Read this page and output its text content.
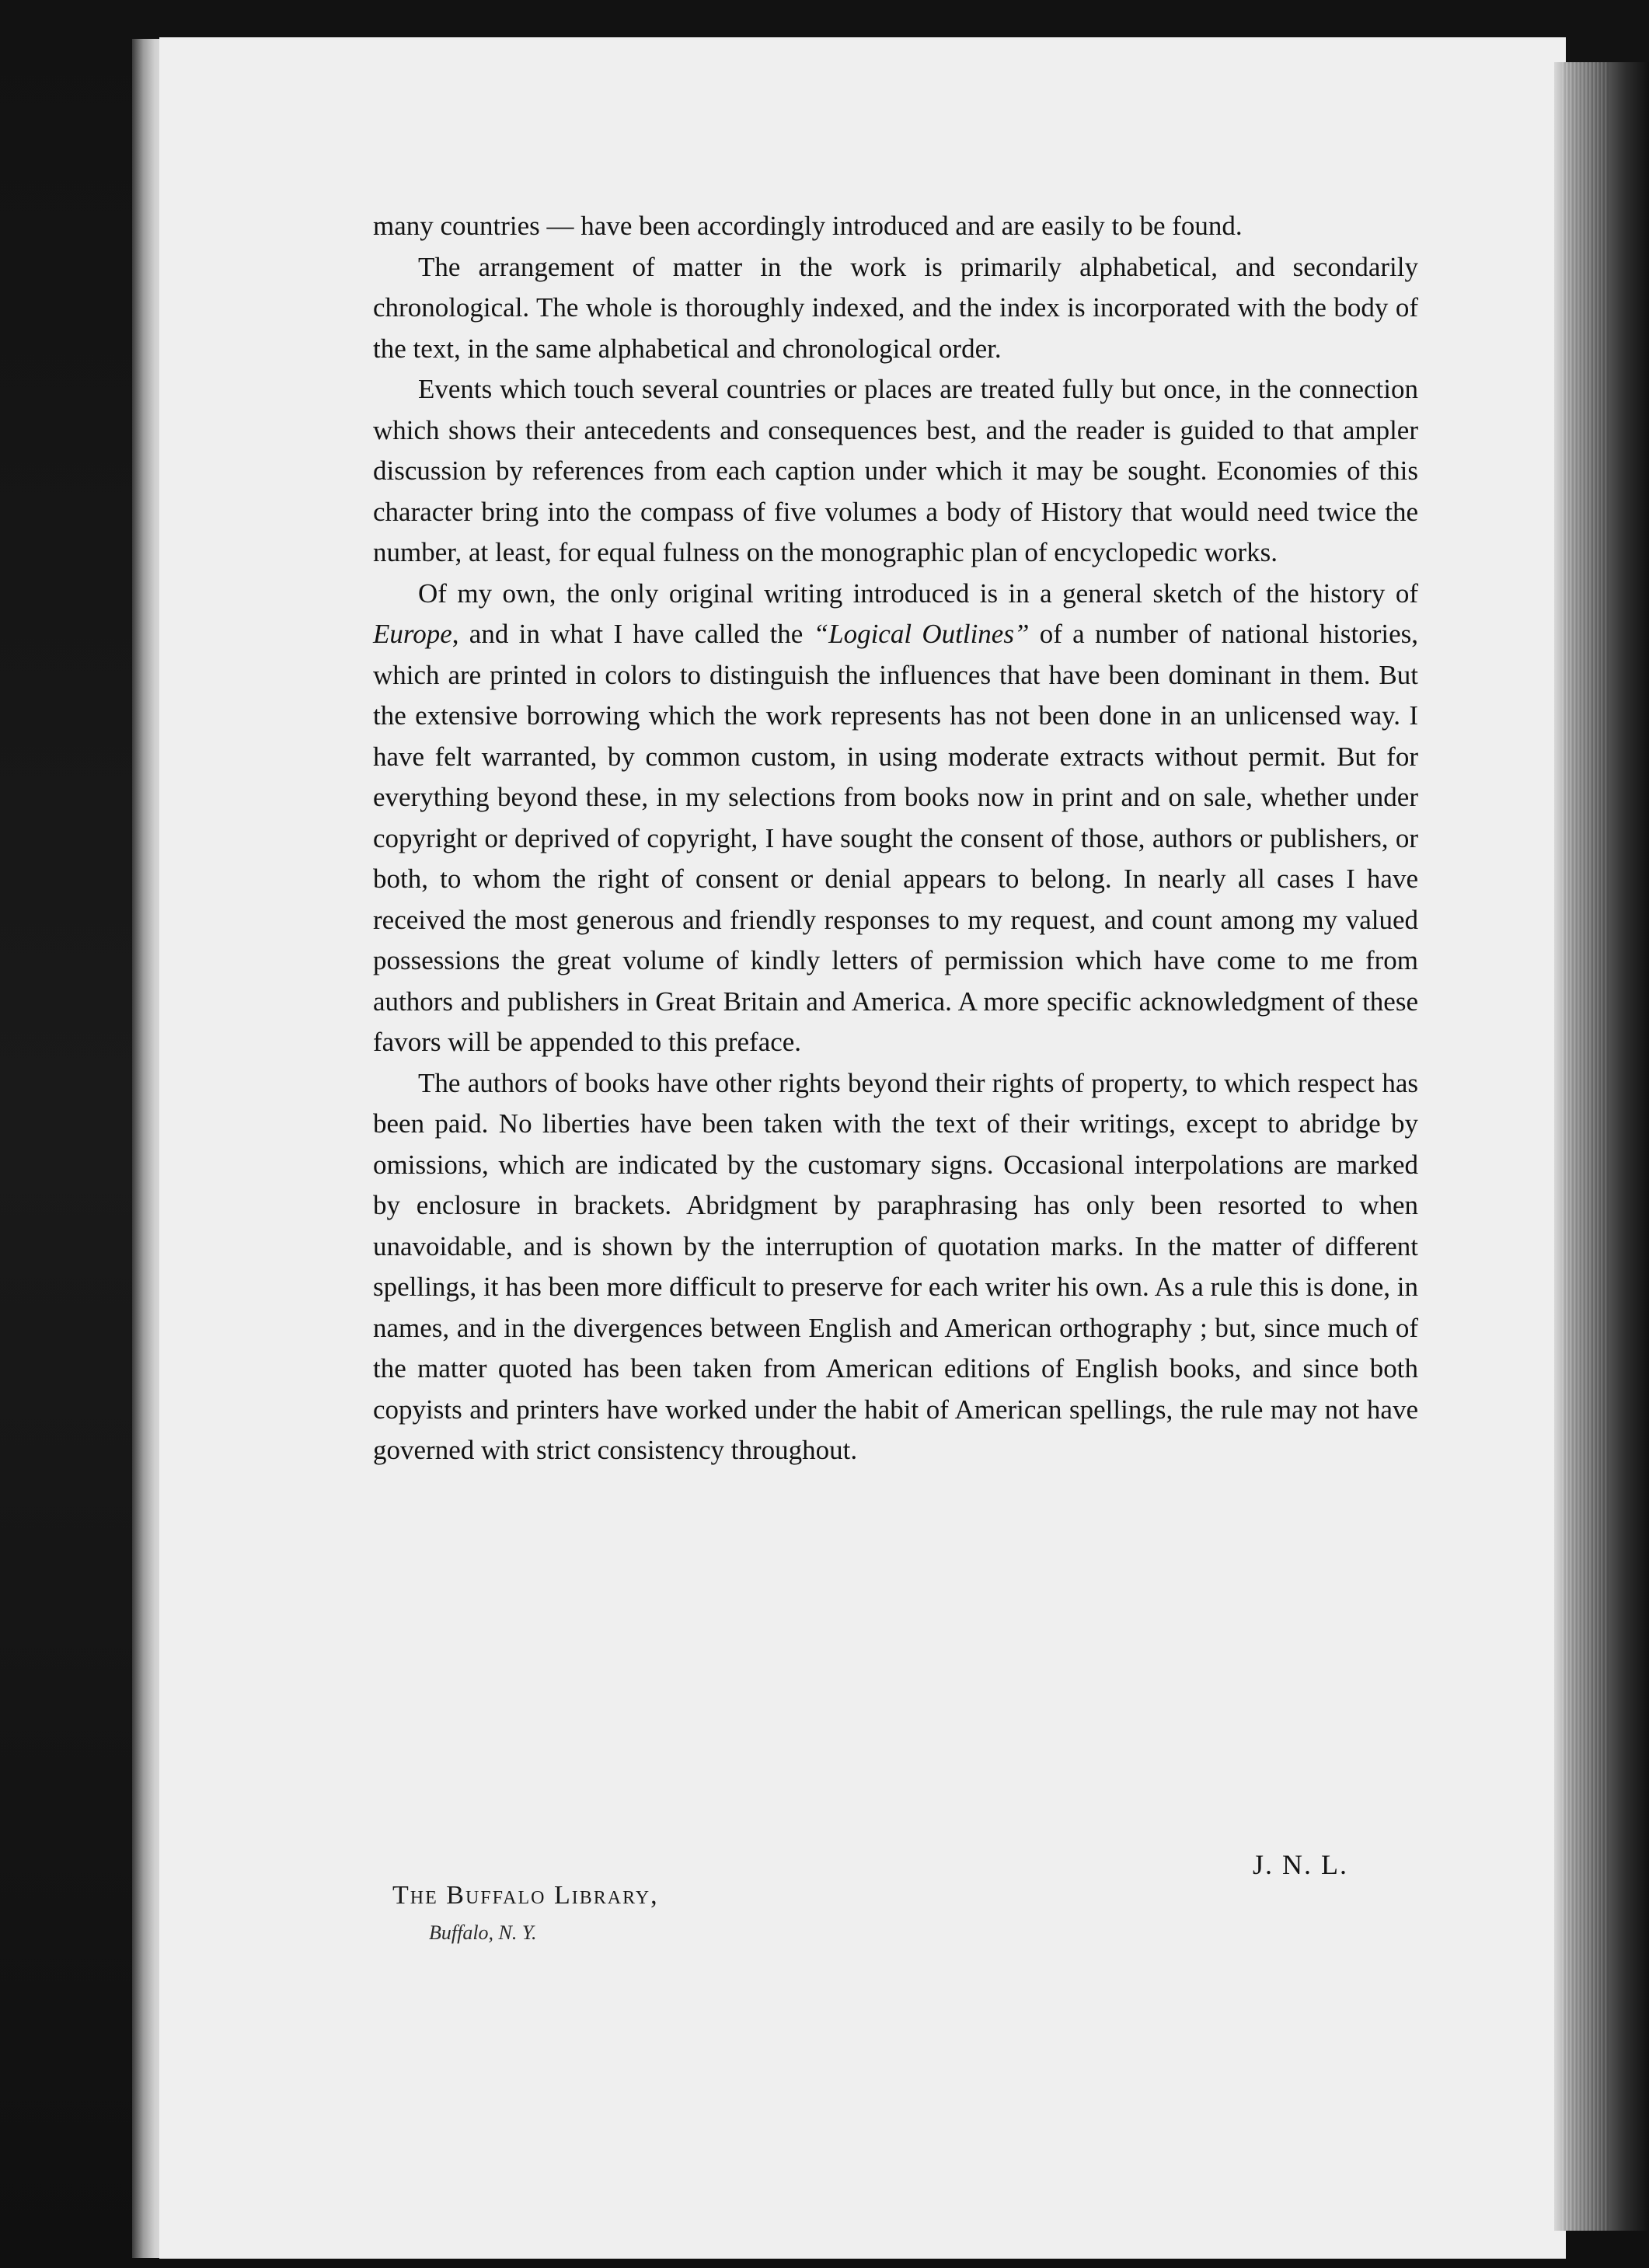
many countries — have been accordingly introduced and are easily to be found.

The arrangement of matter in the work is primarily alphabetical, and secondarily chronological. The whole is thoroughly indexed, and the index is incorporated with the body of the text, in the same alphabetical and chronological order.

Events which touch several countries or places are treated fully but once, in the connection which shows their antecedents and consequences best, and the reader is guided to that ampler discussion by references from each caption under which it may be sought. Economies of this character bring into the compass of five volumes a body of History that would need twice the number, at least, for equal fulness on the monographic plan of encyclopedic works.

Of my own, the only original writing introduced is in a general sketch of the history of Europe, and in what I have called the “Logical Outlines” of a number of national histories, which are printed in colors to distinguish the influences that have been dominant in them. But the extensive borrowing which the work represents has not been done in an unlicensed way. I have felt warranted, by common custom, in using moderate extracts without permit. But for everything beyond these, in my selections from books now in print and on sale, whether under copyright or deprived of copyright, I have sought the consent of those, authors or publishers, or both, to whom the right of consent or denial appears to belong. In nearly all cases I have received the most generous and friendly responses to my request, and count among my valued possessions the great volume of kindly letters of permission which have come to me from authors and publishers in Great Britain and America. A more specific acknowledgment of these favors will be appended to this preface.

The authors of books have other rights beyond their rights of property, to which respect has been paid. No liberties have been taken with the text of their writings, except to abridge by omissions, which are indicated by the customary signs. Occasional interpolations are marked by enclosure in brackets. Abridgment by paraphrasing has only been resorted to when unavoidable, and is shown by the interruption of quotation marks. In the matter of different spellings, it has been more difficult to preserve for each writer his own. As a rule this is done, in names, and in the divergences between English and American orthography ; but, since much of the matter quoted has been taken from American editions of English books, and since both copyists and printers have worked under the habit of American spellings, the rule may not have governed with strict consistency throughout.

J. N. L.
The Buffalo Library,
Buffalo, N. Y.
